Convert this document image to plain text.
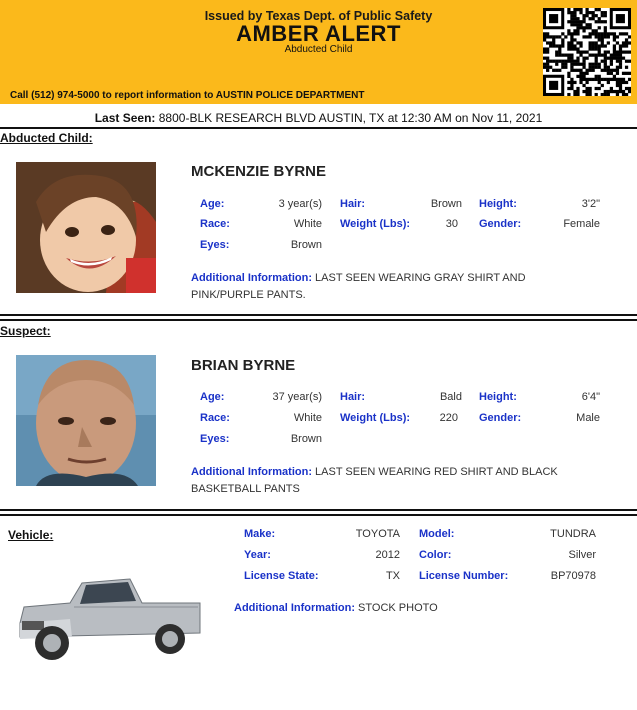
Issued by Texas Dept. of Public Safety
AMBER ALERT
Abducted Child
Call (512) 974-5000 to report information to AUSTIN POLICE DEPARTMENT
Last Seen: 8800-BLK RESEARCH BLVD AUSTIN, TX at 12:30 AM on Nov 11, 2021
Abducted Child:
MCKENZIE BYRNE
Age:	3 year(s) Hair:	Brown Height:	3'2"
Race:	White Weight (Lbs):	30 Gender:	Female
Eyes:	Brown
Additional Information: LAST SEEN WEARING GRAY SHIRT AND PINK/PURPLE PANTS.
Suspect:
BRIAN BYRNE
Age:	37 year(s) Hair:	Bald Height:	6'4"
Race:	White Weight (Lbs):	220 Gender:	Male
Eyes:	Brown
Additional Information: LAST SEEN WEARING RED SHIRT AND BLACK BASKETBALL PANTS
Vehicle:	Make:	TOYOTA Model:	TUNDRA
Year:	2012 Color:	Silver
License State:	TX License Number:	BP70978
Additional Information: STOCK PHOTO
